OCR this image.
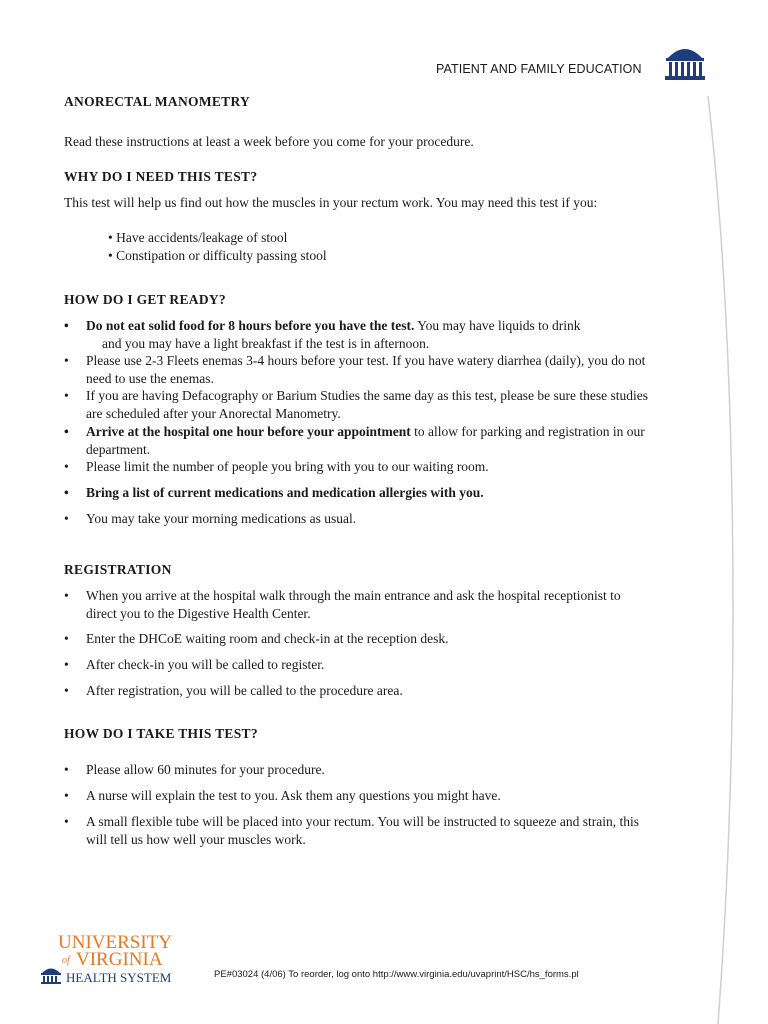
PATIENT AND FAMILY EDUCATION
ANORECTAL MANOMETRY
Read these instructions at least a week before you come for your procedure.
WHY DO I NEED THIS TEST?
This test will help us find out how the muscles in your rectum work. You may need this test if you:
• Have accidents/leakage of stool
• Constipation or difficulty passing stool
HOW DO I GET READY?
• Do not eat solid food for 8 hours before you have the test. You may have liquids to drink
and you may have a light breakfast if the test is in afternoon.
• Please use 2-3 Fleets enemas 3-4 hours before your test. If you have watery diarrhea (daily), you do not need to use the enemas.
• If you are having Defacography or Barium Studies the same day as this test, please be sure these studies are scheduled after your Anorectal Manometry.
• Arrive at the hospital one hour before your appointment to allow for parking and registration in our department.
• Please limit the number of people you bring with you to our waiting room.
• Bring a list of current medications and medication allergies with you.
• You may take your morning medications as usual.
REGISTRATION
• When you arrive at the hospital walk through the main entrance and ask the hospital receptionist to direct you to the Digestive Health Center.
• Enter the DHCoE waiting room and check-in at the reception desk.
• After check-in you will be called to register.
• After registration, you will be called to the procedure area.
HOW DO I TAKE THIS TEST?
• Please allow 60 minutes for your procedure.
• A nurse will explain the test to you. Ask them any questions you might have.
• A small flexible tube will be placed into your rectum. You will be instructed to squeeze and strain, this will tell us how well your muscles work.
UNIVERSITY
of VIRGINIA
HEALTH SYSTEM	PE#03024 (4/06) To reorder, log onto http://www.virginia.edu/uvaprint/HSC/hs_forms.pl
